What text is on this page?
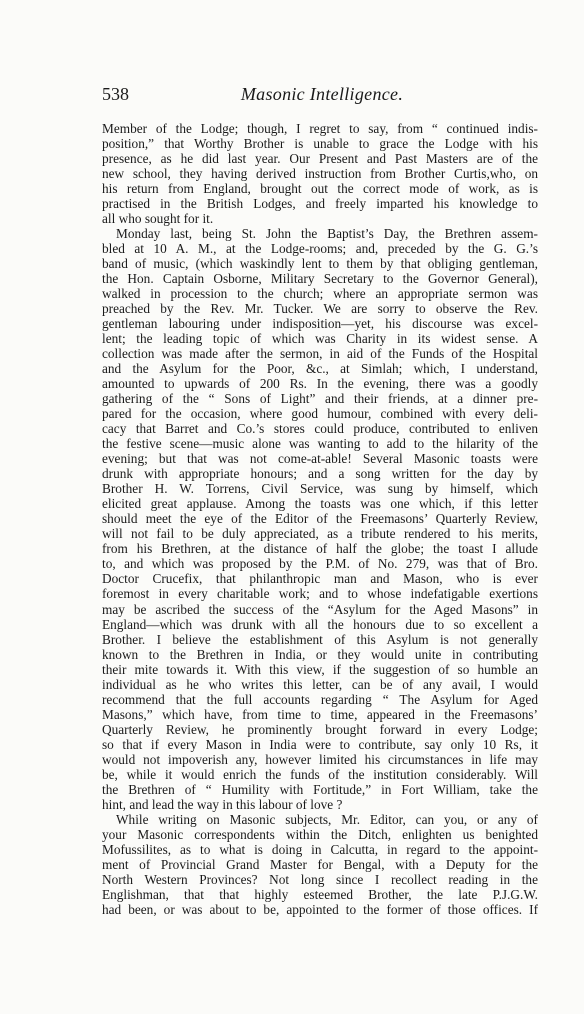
538	Masonic Intelligence.
Member of the Lodge; though, I regret to say, from “ continued indis-
position,” that Worthy Brother is unable to grace the Lodge with his
presence, as he did last year. Our Present and Past Masters are of the
new school, they having derived instruction from Brother Curtis,who, on
his return from England, brought out the correct mode of work, as is
practised in the British Lodges, and freely imparted his knowledge to
all who sought for it.
Monday last, being St. John the Baptist’s Day, the Brethren assem-
bled at 10 A. M., at the Lodge-rooms; and, preceded by the G. G.’s
band of music, (which waskindly lent to them by that obliging gentleman,
the Hon. Captain Osborne, Military Secretary to the Governor General),
walked in procession to the church; where an appropriate sermon was
preached by the Rev. Mr. Tucker. We are sorry to observe the Rev.
gentleman labouring under indisposition—yet, his discourse was excel-
lent; the leading topic of which was Charity in its widest sense. A
collection was made after the sermon, in aid of the Funds of the Hospital
and the Asylum for the Poor, &c., at Simlah; which, I understand,
amounted to upwards of 200 Rs. In the evening, there was a goodly
gathering of the “ Sons of Light” and their friends, at a dinner pre-
pared for the occasion, where good humour, combined with every deli-
cacy that Barret and Co.’s stores could produce, contributed to enliven
the festive scene—music alone was wanting to add to the hilarity of the
evening; but that was not come-at-able! Several Masonic toasts were
drunk with appropriate honours; and a song written for the day by
Brother H. W. Torrens, Civil Service, was sung by himself, which
elicited great applause. Among the toasts was one which, if this letter
should meet the eye of the Editor of the Freemasons’ Quarterly Review,
will not fail to be duly appreciated, as a tribute rendered to his merits,
from his Brethren, at the distance of half the globe; the toast I allude
to, and which was proposed by the P.M. of No. 279, was that of Bro.
Doctor Crucefix, that philanthropic man and Mason, who is ever
foremost in every charitable work; and to whose indefatigable exertions
may be ascribed the success of the “Asylum for the Aged Masons” in
England—which was drunk with all the honours due to so excellent a
Brother. I believe the establishment of this Asylum is not generally
known to the Brethren in India, or they would unite in contributing
their mite towards it. With this view, if the suggestion of so humble an
individual as he who writes this letter, can be of any avail, I would
recommend that the full accounts regarding “ The Asylum for Aged
Masons,” which have, from time to time, appeared in the Freemasons’
Quarterly Review, he prominently brought forward in every Lodge;
so that if every Mason in India were to contribute, say only 10 Rs, it
would not impoverish any, however limited his circumstances in life may
be, while it would enrich the funds of the institution considerably. Will
the Brethren of “ Humility with Fortitude,” in Fort William, take the
hint, and lead the way in this labour of love ?
While writing on Masonic subjects, Mr. Editor, can you, or any of
your Masonic correspondents within the Ditch, enlighten us benighted
Mofussilites, as to what is doing in Calcutta, in regard to the appoint-
ment of Provincial Grand Master for Bengal, with a Deputy for the
North Western Provinces? Not long since I recollect reading in the
Englishman, that that highly esteemed Brother, the late P.J.G.W.
had been, or was about to be, appointed to the former of those offices. If
